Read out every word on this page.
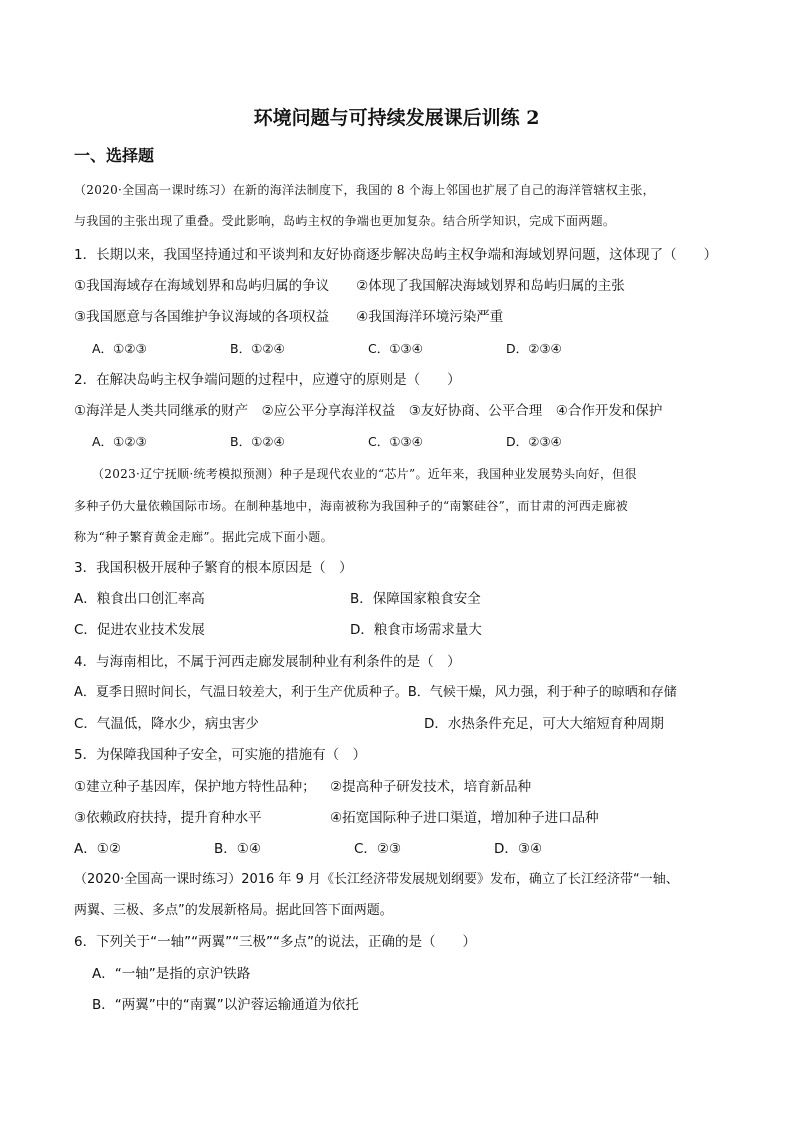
环境问题与可持续发展课后训练 2
一、选择题
（2020·全国高一课时练习）在新的海洋法制度下，我国的 8 个海上邻国也扩展了自己的海洋管辖权主张，
与我国的主张出现了重叠。受此影响，岛屿主权的争端也更加复杂。结合所学知识，完成下面两题。
1．长期以来，我国坚持通过和平谈判和友好协商逐步解决岛屿主权争端和海域划界问题，这体现了（　　）
①我国海域存在海域划界和岛屿归属的争议　　②体现了我国解决海域划界和岛屿归属的主张
③我国愿意与各国维护争议海域的各项权益　　④我国海洋环境污染严重
A．①②③	B．①②④	C．①③④	D．②③④
2．在解决岛屿主权争端问题的过程中，应遵守的原则是（　　）
①海洋是人类共同继承的财产　②应公平分享海洋权益　③友好协商、公平合理　④合作开发和保护
A．①②③	B．①②④	C．①③④	D．②③④
（2023·辽宁抚顺·统考模拟预测）种子是现代农业的“芯片”。近年来，我国种业发展势头向好，但很
多种子仍大量依赖国际市场。在制种基地中，海南被称为我国种子的“南繁硅谷”，而甘肃的河西走廊被
称为“种子繁育黄金走廊”。据此完成下面小题。
3．我国积极开展种子繁育的根本原因是（　）
A．粮食出口创汇率高	B．保障国家粮食安全
C．促进农业技术发展	D．粮食市场需求量大
4．与海南相比，不属于河西走廊发展制种业有利条件的是（　）
A．夏季日照时间长，气温日较差大，利于生产优质种子。B．气候干燥，风力强，利于种子的晾晒和存储
C．气温低，降水少，病虫害少	D．水热条件充足，可大大缩短育种周期
5．为保障我国种子安全，可实施的措施有（　）
①建立种子基因库，保护地方特性品种； ②提高种子研发技术，培育新品种
③依赖政府扶持，提升育种水平	④拓宽国际种子进口渠道，增加种子进口品种
A．①②	B．①④	C．②③	D．③④
（2020·全国高一课时练习）2016 年 9 月《长江经济带发展规划纲要》发布，确立了长江经济带“一轴、
两翼、三极、多点”的发展新格局。据此回答下面两题。
6．下列关于“一轴”“两翼”“三极”“多点”的说法，正确的是（　　）
A．“一轴”是指的京沪铁路
B．“两翼”中的“南翼”以沪蓉运输通道为依托
